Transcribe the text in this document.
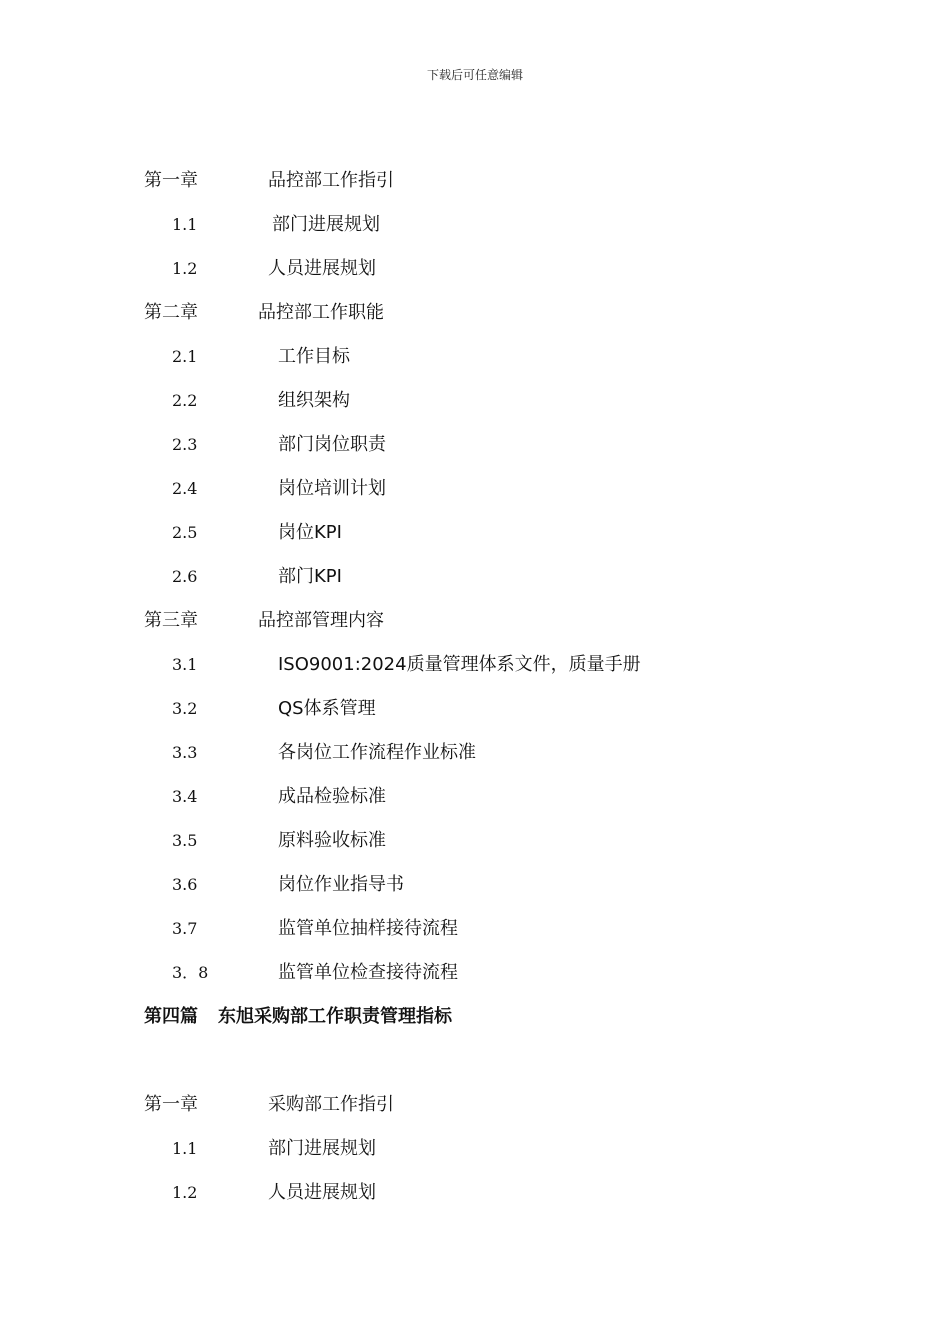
下载后可任意编辑
第一章	品控部工作指引
1.1	部门进展规划
1.2	人员进展规划
第二章	品控部工作职能
2.1	工作目标
2.2	组织架构
2.3	部门岗位职责
2.4	岗位培训计划
2.5	岗位KPI
2.6	部门KPI
第三章	品控部管理内容
3.1	ISO9001:2024质量管理体系文件，质量手册
3.2	QS体系管理
3.3	各岗位工作流程作业标准
3.4	成品检验标准
3.5	原料验收标准
3.6	岗位作业指导书
3.7	监管单位抽样接待流程
3．8	监管单位检查接待流程
第四篇 东旭采购部工作职责管理指标
第一章	采购部工作指引
1.1	部门进展规划
1.2	人员进展规划
